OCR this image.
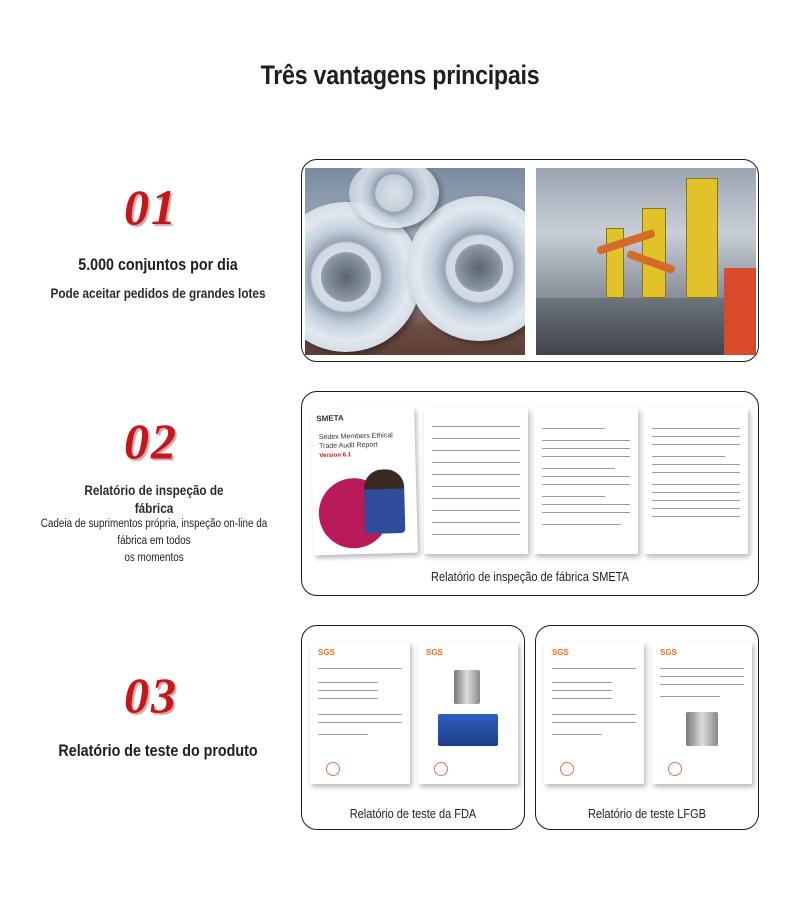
Três vantagens principais
01
5.000 conjuntos por dia
Pode aceitar pedidos de grandes lotes
02
Relatório de inspeção de
fábrica
Cadeia de suprimentos própria, inspeção on-line da fábrica em todos
os momentos
SMETA
Sedex Members Ethical Trade Audit Report
Version 6.1
Relatório de inspeção de fábrica SMETA
03
Relatório de teste do produto
SGS	SGS
Relatório de teste da FDA
SGS	SGS
Relatório de teste LFGB
